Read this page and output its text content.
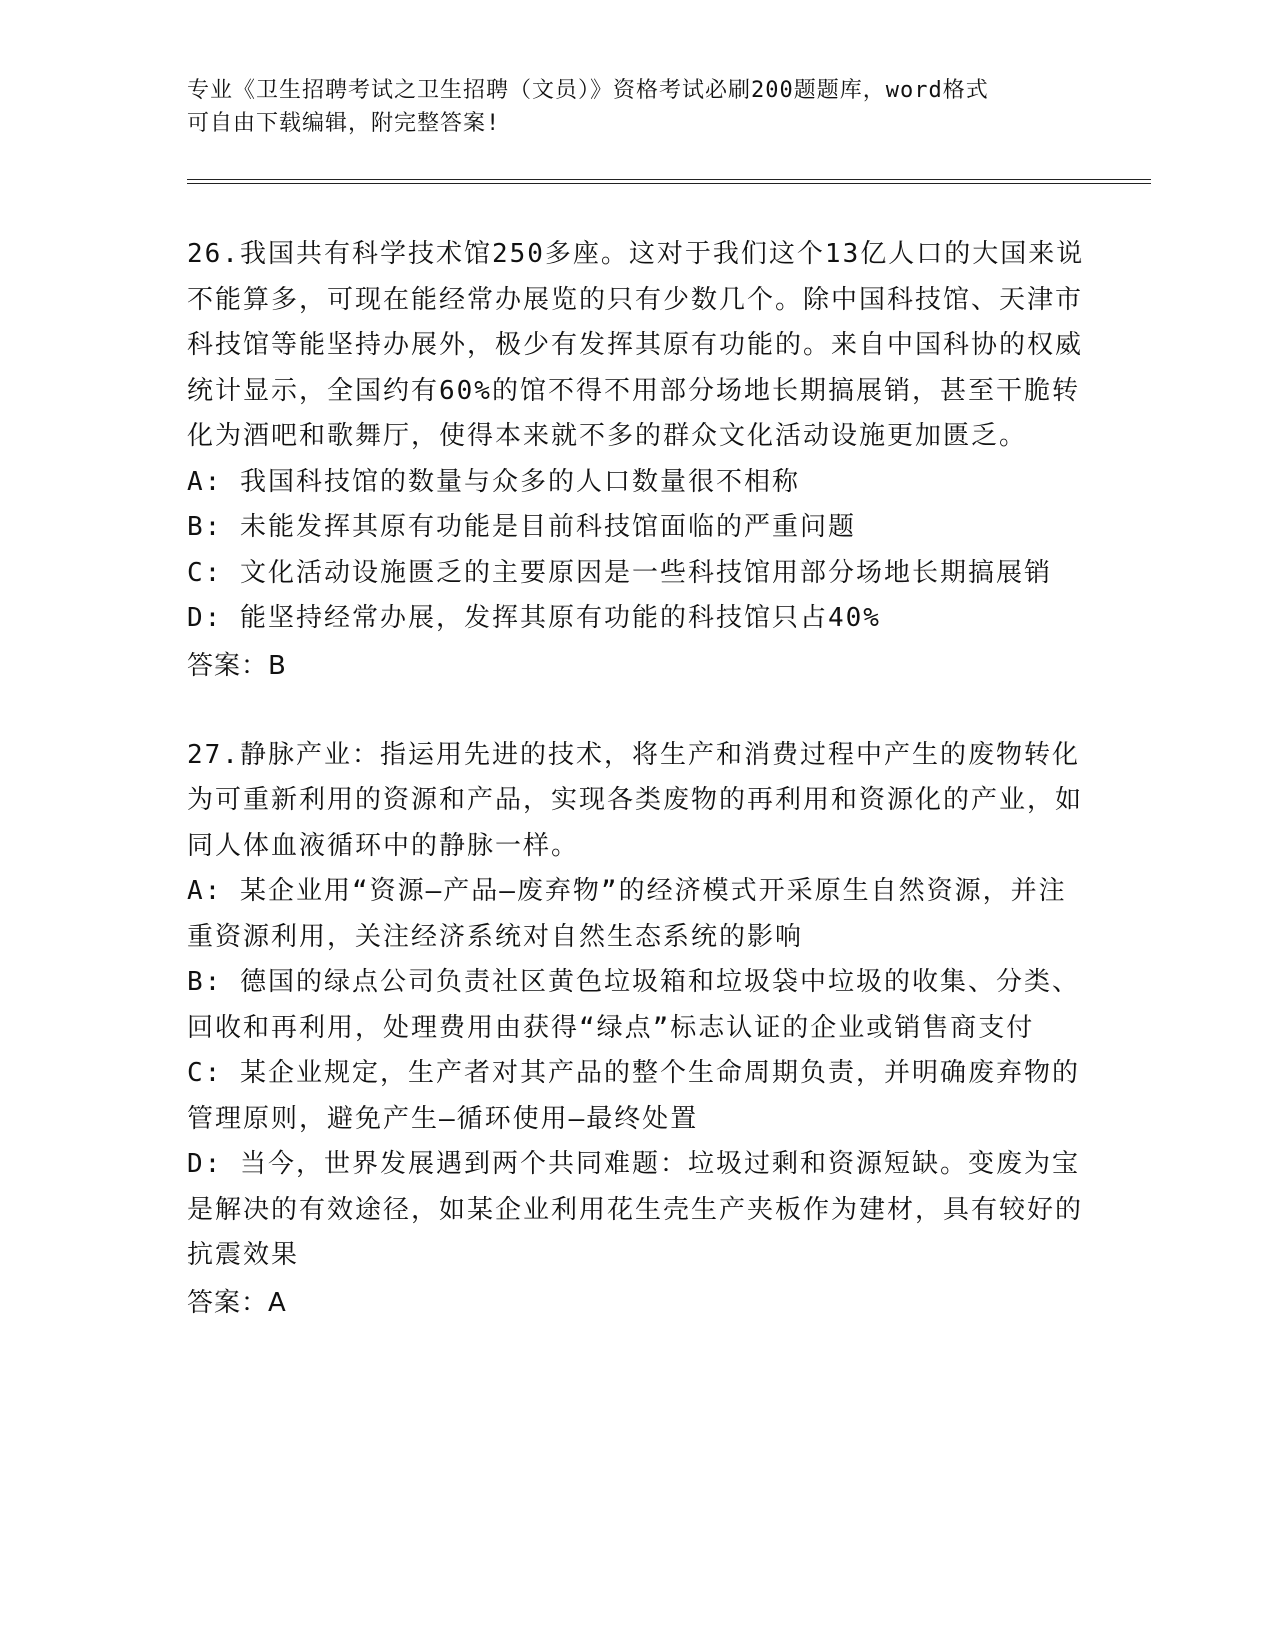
专业《卫生招聘考试之卫生招聘（文员）》资格考试必刷200题题库，word格式
可自由下载编辑，附完整答案!
26.我国共有科学技术馆250多座。这对于我们这个13亿人口的大国来说不能算多，可现在能经常办展览的只有少数几个。除中国科技馆、天津市科技馆等能坚持办展外，极少有发挥其原有功能的。来自中国科协的权威统计显示，全国约有60%的馆不得不用部分场地长期搞展销，甚至干脆转化为酒吧和歌舞厅，使得本来就不多的群众文化活动设施更加匮乏。
A: 我国科技馆的数量与众多的人口数量很不相称
B: 未能发挥其原有功能是目前科技馆面临的严重问题
C: 文化活动设施匮乏的主要原因是一些科技馆用部分场地长期搞展销
D: 能坚持经常办展，发挥其原有功能的科技馆只占40%
答案：B
27.静脉产业：指运用先进的技术，将生产和消费过程中产生的废物转化为可重新利用的资源和产品，实现各类废物的再利用和资源化的产业，如同人体血液循环中的静脉一样。
A: 某企业用“资源—产品—废弃物”的经济模式开采原生自然资源，并注重资源利用，关注经济系统对自然生态系统的影响
B: 德国的绿点公司负责社区黄色垃圾箱和垃圾袋中垃圾的收集、分类、回收和再利用，处理费用由获得“绿点”标志认证的企业或销售商支付
C: 某企业规定，生产者对其产品的整个生命周期负责，并明确废弃物的管理原则，避免产生—循环使用—最终处置
D: 当今，世界发展遇到两个共同难题：垃圾过剩和资源短缺。变废为宝是解决的有效途径，如某企业利用花生壳生产夹板作为建材，具有较好的抗震效果
答案：A
